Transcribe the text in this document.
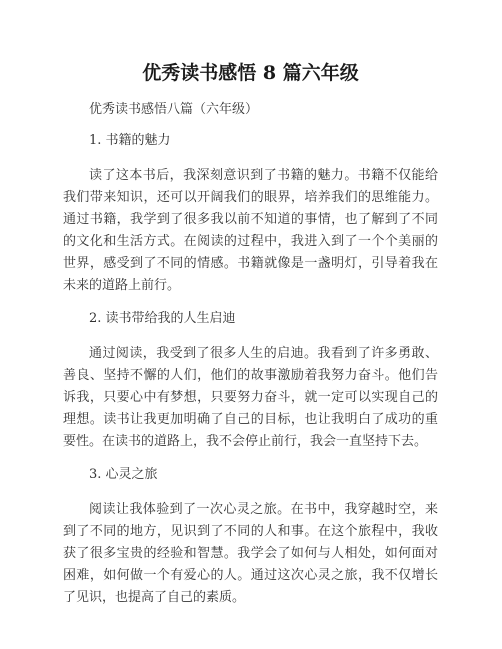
优秀读书感悟 8 篇六年级

优秀读书感悟八篇（六年级）

1. 书籍的魅力

读了这本书后，我深刻意识到了书籍的魅力。书籍不仅能给我们带来知识，还可以开阔我们的眼界，培养我们的思维能力。通过书籍，我学到了很多我以前不知道的事情，也了解到了不同的文化和生活方式。在阅读的过程中，我进入到了一个个美丽的世界，感受到了不同的情感。书籍就像是一盏明灯，引导着我在未来的道路上前行。

2. 读书带给我的人生启迪

通过阅读，我受到了很多人生的启迪。我看到了许多勇敢、善良、坚持不懈的人们，他们的故事激励着我努力奋斗。他们告诉我，只要心中有梦想，只要努力奋斗，就一定可以实现自己的理想。读书让我更加明确了自己的目标，也让我明白了成功的重要性。在读书的道路上，我不会停止前行，我会一直坚持下去。

3. 心灵之旅

阅读让我体验到了一次心灵之旅。在书中，我穿越时空，来到了不同的地方，见识到了不同的人和事。在这个旅程中，我收获了很多宝贵的经验和智慧。我学会了如何与人相处，如何面对困难，如何做一个有爱心的人。通过这次心灵之旅，我不仅增长了见识，也提高了自己的素质。
